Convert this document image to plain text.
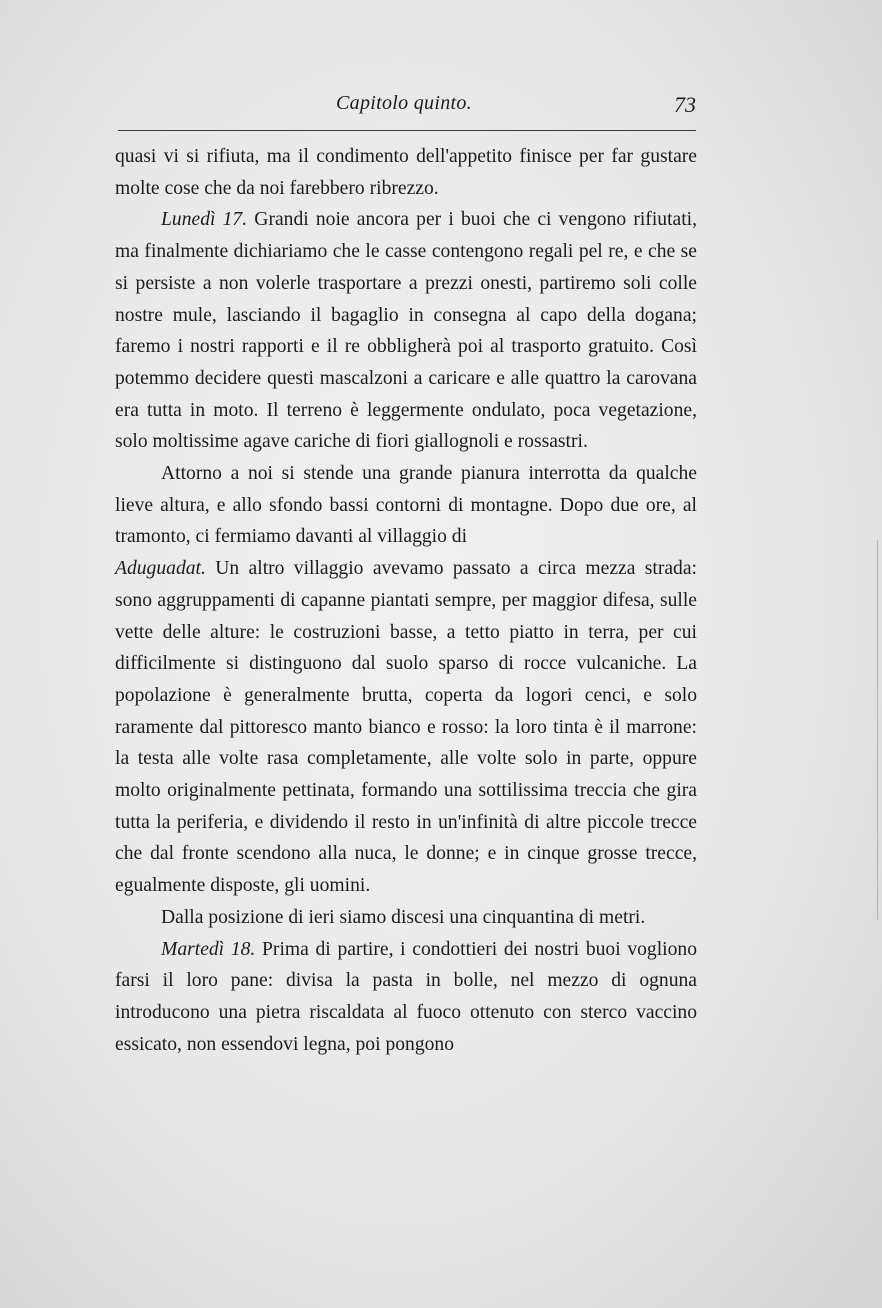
Capitolo quinto.	73

quasi vi si rifiuta, ma il condimento dell'appetito finisce per far gustare molte cose che da noi farebbero ribrezzo.

Lunedì 17. Grandi noie ancora per i buoi che ci vengono rifiutati, ma finalmente dichiariamo che le casse contengono regali pel re, e che se si persiste a non volerle trasportare a prezzi onesti, partiremo soli colle nostre mule, lasciando il bagaglio in consegna al capo della dogana; faremo i nostri rapporti e il re obbligherà poi al trasporto gratuito. Così potemmo decidere questi mascalzoni a caricare e alle quattro la carovana era tutta in moto. Il terreno è leggermente ondulato, poca vegetazione, solo moltissime agave cariche di fiori giallognoli e rossastri.

Attorno a noi si stende una grande pianura interrotta da qualche lieve altura, e allo sfondo bassi contorni di montagne. Dopo due ore, al tramonto, ci fermiamo davanti al villaggio di
Aduguadat. Un altro villaggio avevamo passato a circa mezza strada: sono aggruppamenti di capanne piantati sempre, per maggior difesa, sulle vette delle alture: le costruzioni basse, a tetto piatto in terra, per cui difficilmente si distinguono dal suolo sparso di rocce vulcaniche. La popolazione è generalmente brutta, coperta da logori cenci, e solo raramente dal pittoresco manto bianco e rosso: la loro tinta è il marrone: la testa alle volte rasa completamente, alle volte solo in parte, oppure molto originalmente pettinata, formando una sottilissima treccia che gira tutta la periferia, e dividendo il resto in un'infinità di altre piccole trecce che dal fronte scendono alla nuca, le donne; e in cinque grosse trecce, egualmente disposte, gli uomini.

Dalla posizione di ieri siamo discesi una cinquantina di metri.

Martedì 18. Prima di partire, i condottieri dei nostri buoi vogliono farsi il loro pane: divisa la pasta in bolle, nel mezzo di ognuna introducono una pietra riscaldata al fuoco ottenuto con sterco vaccino essicato, non essendovi legna, poi pongono
